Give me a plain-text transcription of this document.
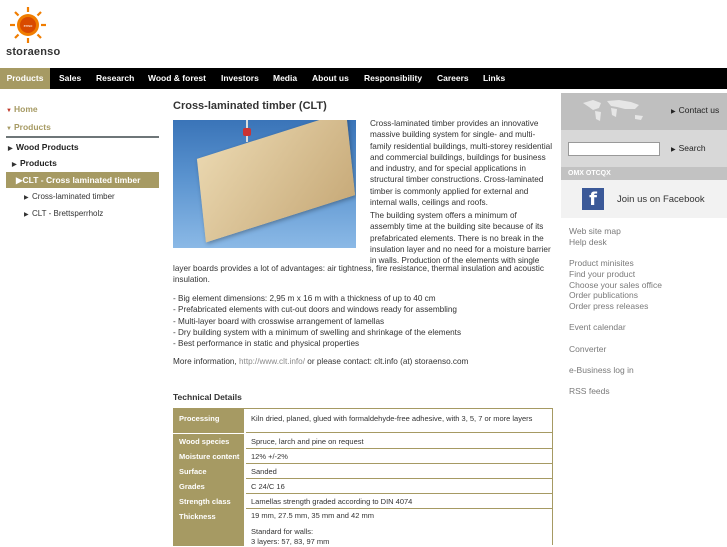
enso
storaenso
Products	Sales Research Wood & forest Investors Media About us Responsibility Careers Links
▼ Home
▼ Products
▶ Wood Products
▶ Products
▶CLT - Cross laminated timber
▶ Cross-laminated timber
▶ CLT - Brettsperrholz
Cross-laminated timber (CLT)
Cross-laminated timber provides an innovative
massive building system for single- and multi-
family residential buildings, multi-storey residential
and commercial buildings, buildings for business
and industry, and for special applications in
structural timber constructions. Cross-laminated
timber is commonly applied for external and
internal walls, ceilings and roofs.
The building system offers a minimum of
assembly time at the building site because of its
prefabricated elements. There is no break in the
insulation layer and no need for a moisture barrier
in walls. Production of the elements with single
layer boards provides a lot of advantages: air tightness, fire resistance, thermal insulation and acoustic
insulation.
- Big element dimensions: 2,95 m x 16 m with a thickness of up to 40 cm
- Prefabricated elements with cut-out doors and windows ready for assembling
- Multi-layer board with crosswise arrangement of lamellas
- Dry building system with a minimum of swelling and shrinkage of the elements
- Best performance in static and physical properties
More information, http://www.clt.info/ or please contact: clt.info (at) storaenso.com
Technical Details
Processing	Kiln dried, planed, glued with formaldehyde-free adhesive, with 3, 5, 7 or more layers
Wood species	Spruce, larch and pine on request
Moisture content	12% +/-2%
Surface	Sanded
Grades	C 24/C 16
Strength class	Lamellas strength graded according to DIN 4074
Thickness	19 mm, 27.5 mm, 35 mm and 42 mm
Standard for walls:
3 layers: 57, 83, 97 mm
▶ Contact us
▶ Search
OMX OTCQX
f	Join us on Facebook
Web site map
Help desk
Product minisites
Find your product
Choose your sales office
Order publications
Order press releases
Event calendar
Converter
e-Business log in
RSS feeds
